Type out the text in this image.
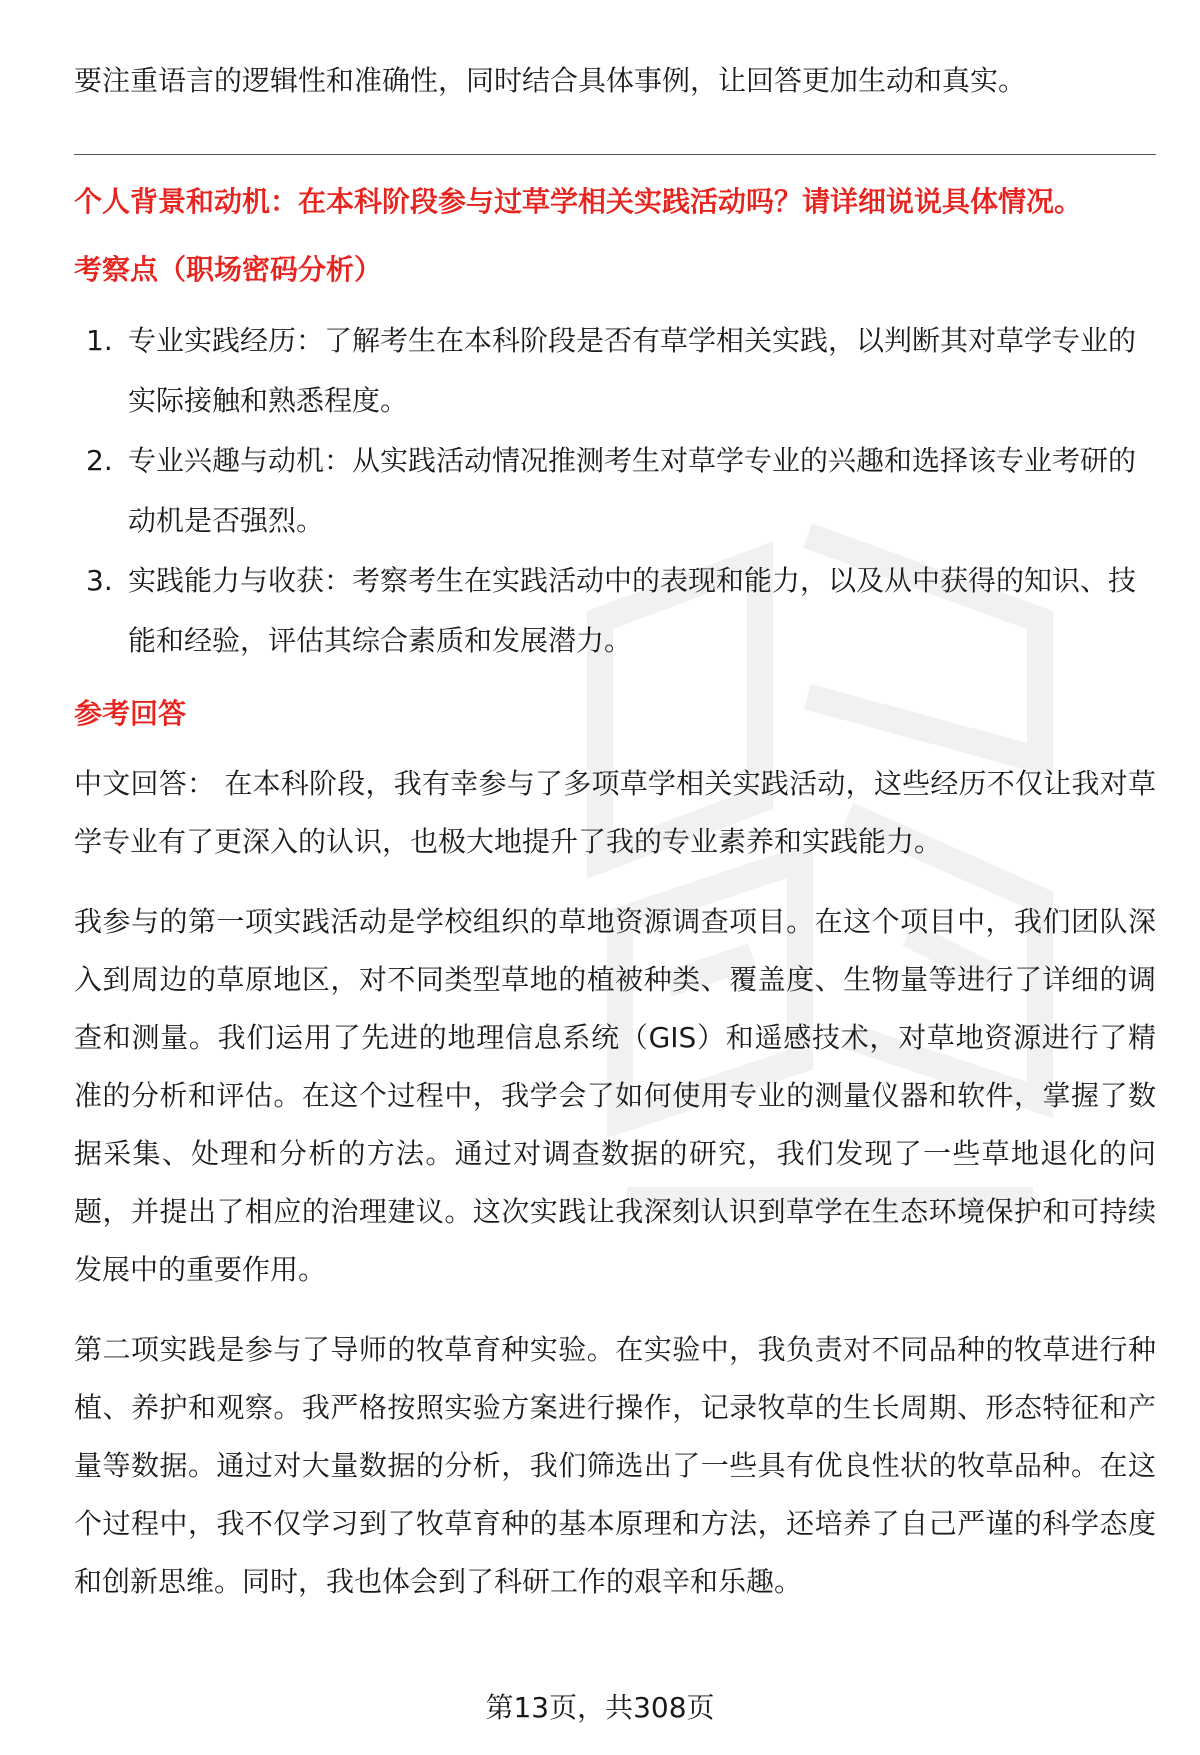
要注重语言的逻辑性和准确性，同时结合具体事例，让回答更加生动和真实。

个人背景和动机：在本科阶段参与过草学相关实践活动吗？请详细说说具体情况。

考察点（职场密码分析）

1. 专业实践经历：了解考生在本科阶段是否有草学相关实践，以判断其对草学专业的实际接触和熟悉程度。
2. 专业兴趣与动机：从实践活动情况推测考生对草学专业的兴趣和选择该专业考研的动机是否强烈。
3. 实践能力与收获：考察考生在实践活动中的表现和能力，以及从中获得的知识、技能和经验，评估其综合素质和发展潜力。

参考回答

中文回答： 在本科阶段，我有幸参与了多项草学相关实践活动，这些经历不仅让我对草学专业有了更深入的认识，也极大地提升了我的专业素养和实践能力。

我参与的第一项实践活动是学校组织的草地资源调查项目。在这个项目中，我们团队深入到周边的草原地区，对不同类型草地的植被种类、覆盖度、生物量等进行了详细的调查和测量。我们运用了先进的地理信息系统（GIS）和遥感技术，对草地资源进行了精准的分析和评估。在这个过程中，我学会了如何使用专业的测量仪器和软件，掌握了数据采集、处理和分析的方法。通过对调查数据的研究，我们发现了一些草地退化的问题，并提出了相应的治理建议。这次实践让我深刻认识到草学在生态环境保护和可持续发展中的重要作用。

第二项实践是参与了导师的牧草育种实验。在实验中，我负责对不同品种的牧草进行种植、养护和观察。我严格按照实验方案进行操作，记录牧草的生长周期、形态特征和产量等数据。通过对大量数据的分析，我们筛选出了一些具有优良性状的牧草品种。在这个过程中，我不仅学习到了牧草育种的基本原理和方法，还培养了自己严谨的科学态度和创新思维。同时，我也体会到了科研工作的艰辛和乐趣。

第13页，共308页
